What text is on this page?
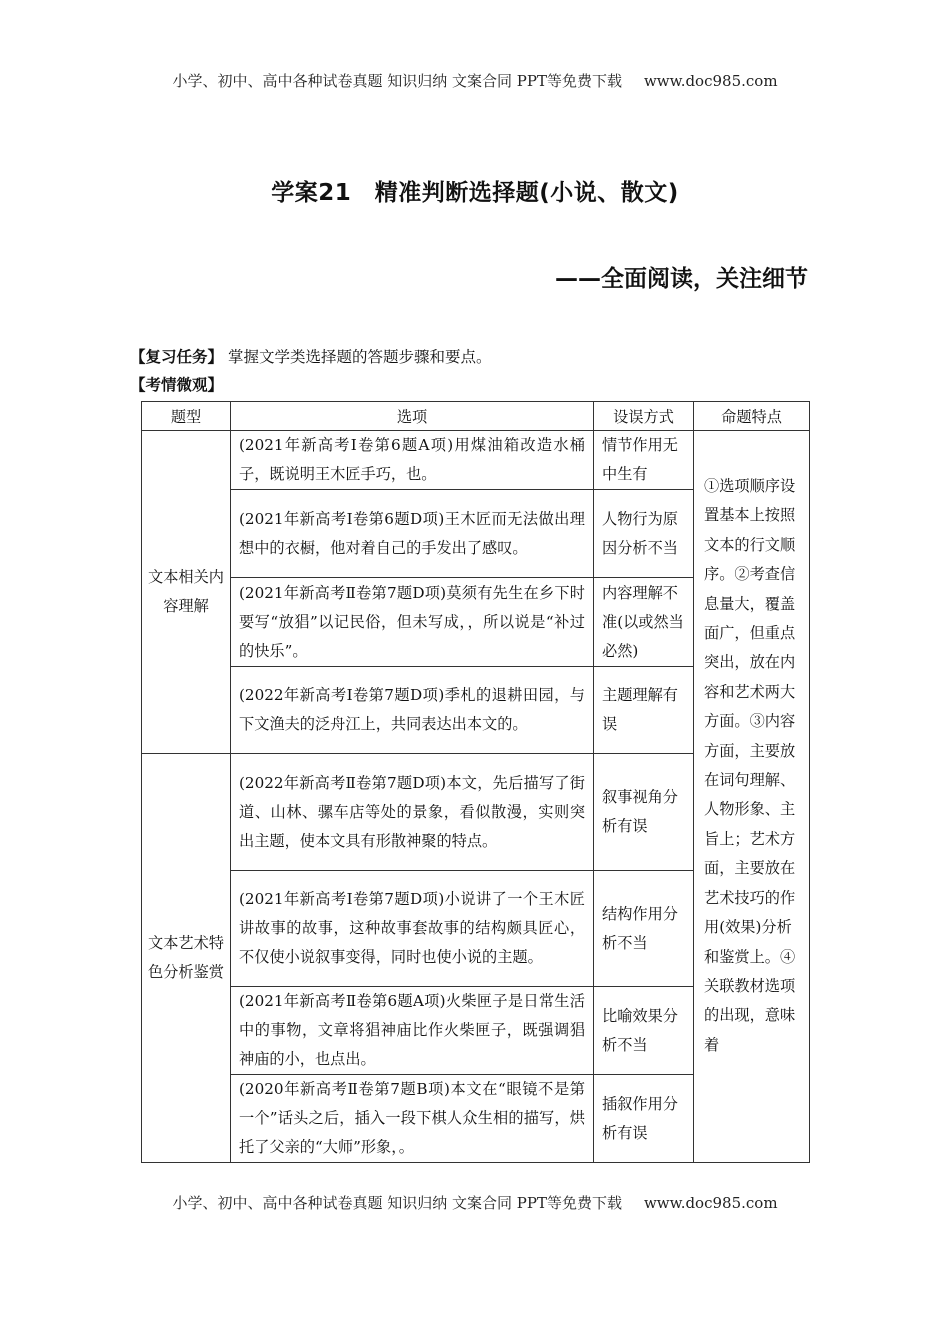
小学、初中、高中各种试卷真题 知识归纳 文案合同 PPT等免费下载 www.doc985.com
学案21　精准判断选择题(小说、散文)
——全面阅读，关注细节
【复习任务】 掌握文学类选择题的答题步骤和要点。
【考情微观】
题型	选项	设误方式	命题特点
文本相关内容理解	(2021年新高考Ⅰ卷第6题A项)用煤油箱改造水桶子，既说明王木匠手巧，也。	情节作用无中生有	①选项顺序设置基本上按照文本的行文顺序。②考查信息量大，覆盖面广，但重点突出，放在内容和艺术两大方面。③内容方面，主要放在词句理解、人物形象、主旨上；艺术方面，主要放在艺术技巧的作用(效果)分析和鉴赏上。④关联教材选项的出现，意味着

	(2021年新高考Ⅰ卷第6题D项)王木匠而无法做出理想中的衣橱，他对着自己的手发出了感叹。	人物行为原因分析不当	
	(2021年新高考Ⅱ卷第7题D项)莫须有先生在乡下时要写“放猖”以记民俗，但未写成，，所以说是“补过的快乐”。	内容理解不准(以或然当必然)	
	(2022年新高考Ⅰ卷第7题D项)季札的退耕田园，与下文渔夫的泛舟江上，共同表达出本文的。	主题理解有误	
文本艺术特色分析鉴赏	(2022年新高考Ⅱ卷第7题D项)本文，先后描写了街道、山林、骡车店等处的景象，看似散漫，实则突出主题，使本文具有形散神聚的特点。	叙事视角分析有误	
	(2021年新高考Ⅰ卷第7题D项)小说讲了一个王木匠讲故事的故事，这种故事套故事的结构颇具匠心，不仅使小说叙事变得，同时也使小说的主题。	结构作用分析不当	
	(2021年新高考Ⅱ卷第6题A项)火柴匣子是日常生活中的事物，文章将猖神庙比作火柴匣子，既强调猖神庙的小，也点出。	比喻效果分析不当	
	(2020年新高考Ⅱ卷第7题B项)本文在“眼镜不是第一个”话头之后，插入一段下棋人众生相的描写，烘托了父亲的“大师”形象，。	插叙作用分析有误	
小学、初中、高中各种试卷真题 知识归纳 文案合同 PPT等免费下载 www.doc985.com
